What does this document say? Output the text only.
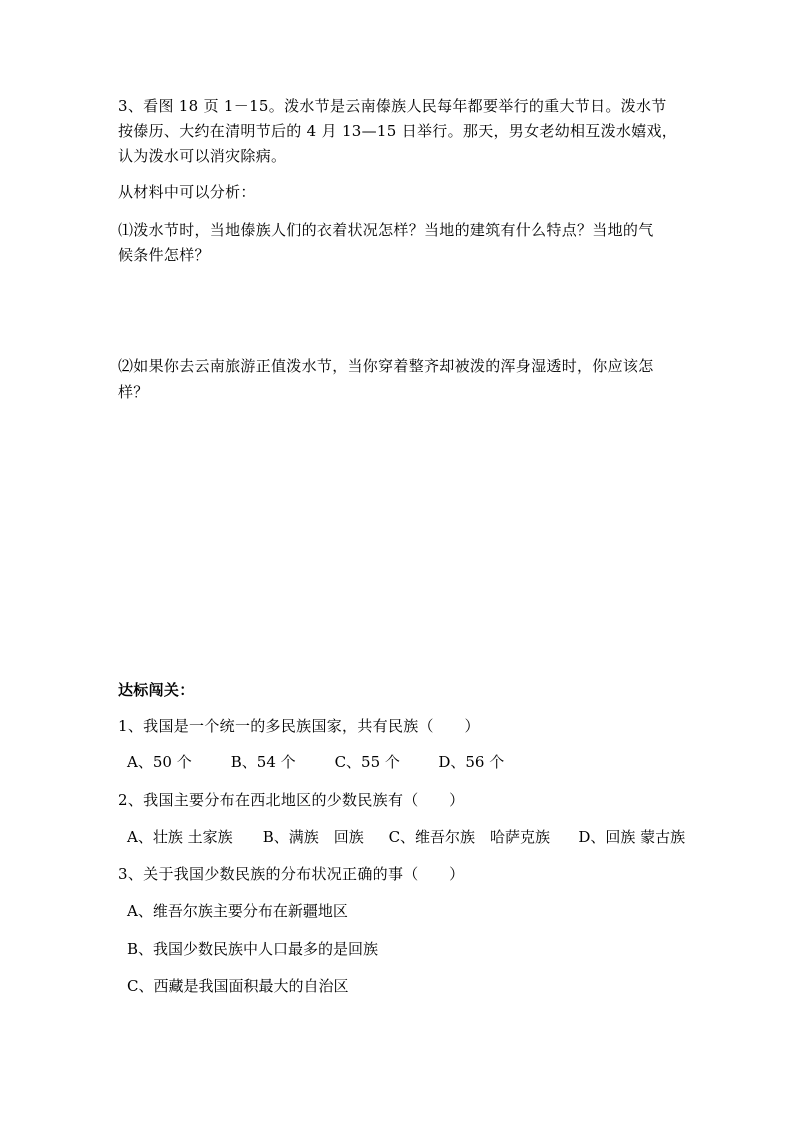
3、看图 18 页 1－15。泼水节是云南傣族人民每年都要举行的重大节日。泼水节
按傣历、大约在清明节后的 4 月 13—15 日举行。那天，男女老幼相互泼水嬉戏，
认为泼水可以消灾除病。
从材料中可以分析：
⑴泼水节时，当地傣族人们的衣着状况怎样？当地的建筑有什么特点？当地的气
候条件怎样？
⑵如果你去云南旅游正值泼水节，当你穿着整齐却被泼的浑身湿透时，你应该怎
样？
达标闯关：
1、我国是一个统一的多民族国家，共有民族（　　）
A、50 个	B、54 个	C、55 个	D、56 个
2、我国主要分布在西北地区的少数民族有（　　）
A、壮族 土家族 B、满族　回族 C、维吾尔族　哈萨克族 D、回族 蒙古族
3、关于我国少数民族的分布状况正确的事（　　）
A、维吾尔族主要分布在新疆地区
B、我国少数民族中人口最多的是回族
C、西藏是我国面积最大的自治区
